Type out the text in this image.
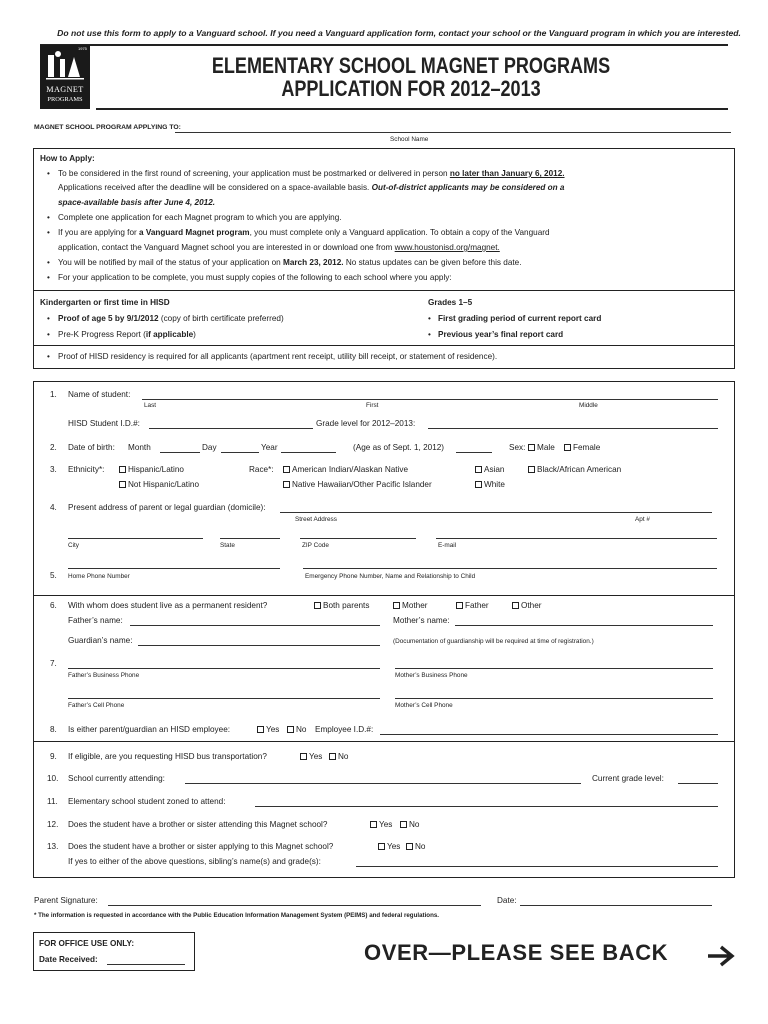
Do not use this form to apply to a Vanguard school. If you need a Vanguard application form, contact your school or the Vanguard program in which you are interested.
1975
MAGNET
PROGRAMS
ELEMENTARY SCHOOL MAGNET PROGRAMS
APPLICATION FOR 2012–2013
MAGNET SCHOOL PROGRAM APPLYING TO:
School Name
How to Apply:
• To be considered in the first round of screening, your application must be postmarked or delivered in person no later than January 6, 2012.
Applications received after the deadline will be considered on a space-available basis. Out-of-district applicants may be considered on a
space-available basis after June 4, 2012.
• Complete one application for each Magnet program to which you are applying.
• If you are applying for a Vanguard Magnet program, you must complete only a Vanguard application. To obtain a copy of the Vanguard
application, contact the Vanguard Magnet school you are interested in or download one from www.houstonisd.org/magnet.
• You will be notified by mail of the status of your application on March 23, 2012. No status updates can be given before this date.
• For your application to be complete, you must supply copies of the following to each school where you apply:
Kindergarten or first time in HISD
• Proof of age 5 by 9/1/2012 (copy of birth certificate preferred)
• Pre-K Progress Report (if applicable)
Grades 1–5
• First grading period of current report card
• Previous year’s final report card
• Proof of HISD residency is required for all applicants (apartment rent receipt, utility bill receipt, or statement of residence).
1. Name of student:
Last	First	Middle
HISD Student I.D.#:	Grade level for 2012–2013:
2. Date of birth: Month	Day	Year	(Age as of Sept. 1, 2012)	Sex:	Male	Female
3. Ethnicity*:	Hispanic/Latino
Not Hispanic/Latino
Race*:	American Indian/Alaskan Native
Native Hawaiian/Other Pacific Islander
Asian
White
Black/African American
4. Present address of parent or legal guardian (domicile):
Street Address	Apt #
City	State	ZIP Code	E-mail
5. Home Phone Number	Emergency Phone Number, Name and Relationship to Child
6. With whom does student live as a permanent resident?	Both parents	Mother	Father	Other
Father’s name:	Mother’s name:
Guardian’s name:	(Documentation of guardianship will be required at time of registration.)
7.
Father’s Business Phone	Mother’s Business Phone
Father’s Cell Phone	Mother’s Cell Phone
8. Is either parent/guardian an HISD employee:	Yes	No Employee I.D.#:
9. If eligible, are you requesting HISD bus transportation?	Yes	No
10. School currently attending:	Current grade level:
11. Elementary school student zoned to attend:
12. Does the student have a brother or sister attending this Magnet school?	Yes	No
13. Does the student have a brother or sister applying to this Magnet school?	Yes	No
If yes to either of the above questions, sibling’s name(s) and grade(s):
Parent Signature:	Date:
* The information is requested in accordance with the Public Education Information Management System (PEIMS) and federal regulations.
FOR OFFICE USE ONLY:
Date Received:	OVER—PLEASE SEE BACK
